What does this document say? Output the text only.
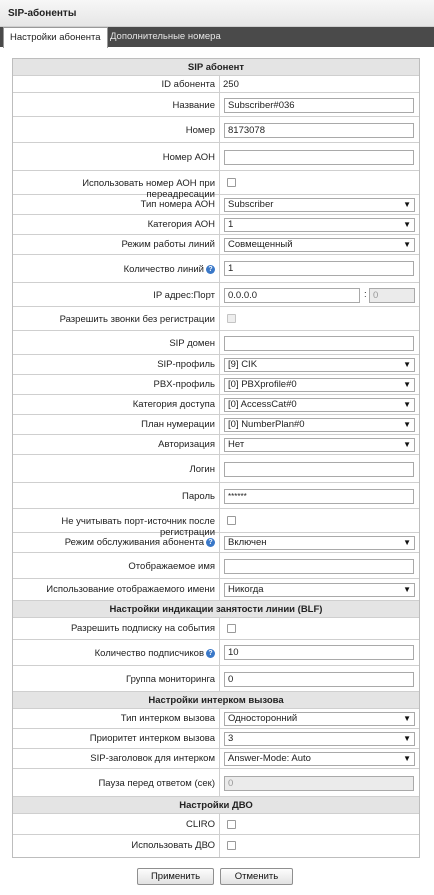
SIP-абоненты
Настройки абонента Дополнительные номера
SIP абонент
ID абонента 250
Название	Subscriber#036
Номер	8173078
Номер АОН
Использовать номер АОН при переадресации
Тип номера АОН	Subscriber	▼
Категория АОН	1	▼
Режим работы линий	Совмещенный	▼
Количество линий ?	1
IP адрес:Порт	0.0.0.0	: 0
Разрешить звонки без регистрации
SIP домен
SIP-профиль	[9] CIK	▼
PBX-профиль	[0] PBXprofile#0	▼
Категория доступа	[0] AccessCat#0	▼
План нумерации	[0] NumberPlan#0	▼
Авторизация	Нет	▼
Логин
Пароль	******
Не учитывать порт-источник после регистрации
Режим обслуживания абонента ?	Включен	▼
Отображаемое имя
Использование отображаемого имени	Никогда	▼
Настройки индикации занятости линии (BLF)
Разрешить подписку на события
Количество подписчиков ?	10
Группа мониторинга	0
Настройки интерком вызова
Тип интерком вызова	Односторонний	▼
Приоритет интерком вызова	3	▼
SIP-заголовок для интерком	Answer-Mode: Auto	▼
Пауза перед ответом (сек)	0
Настройки ДВО
CLIRO
Использовать ДВО
Применить	Отменить
